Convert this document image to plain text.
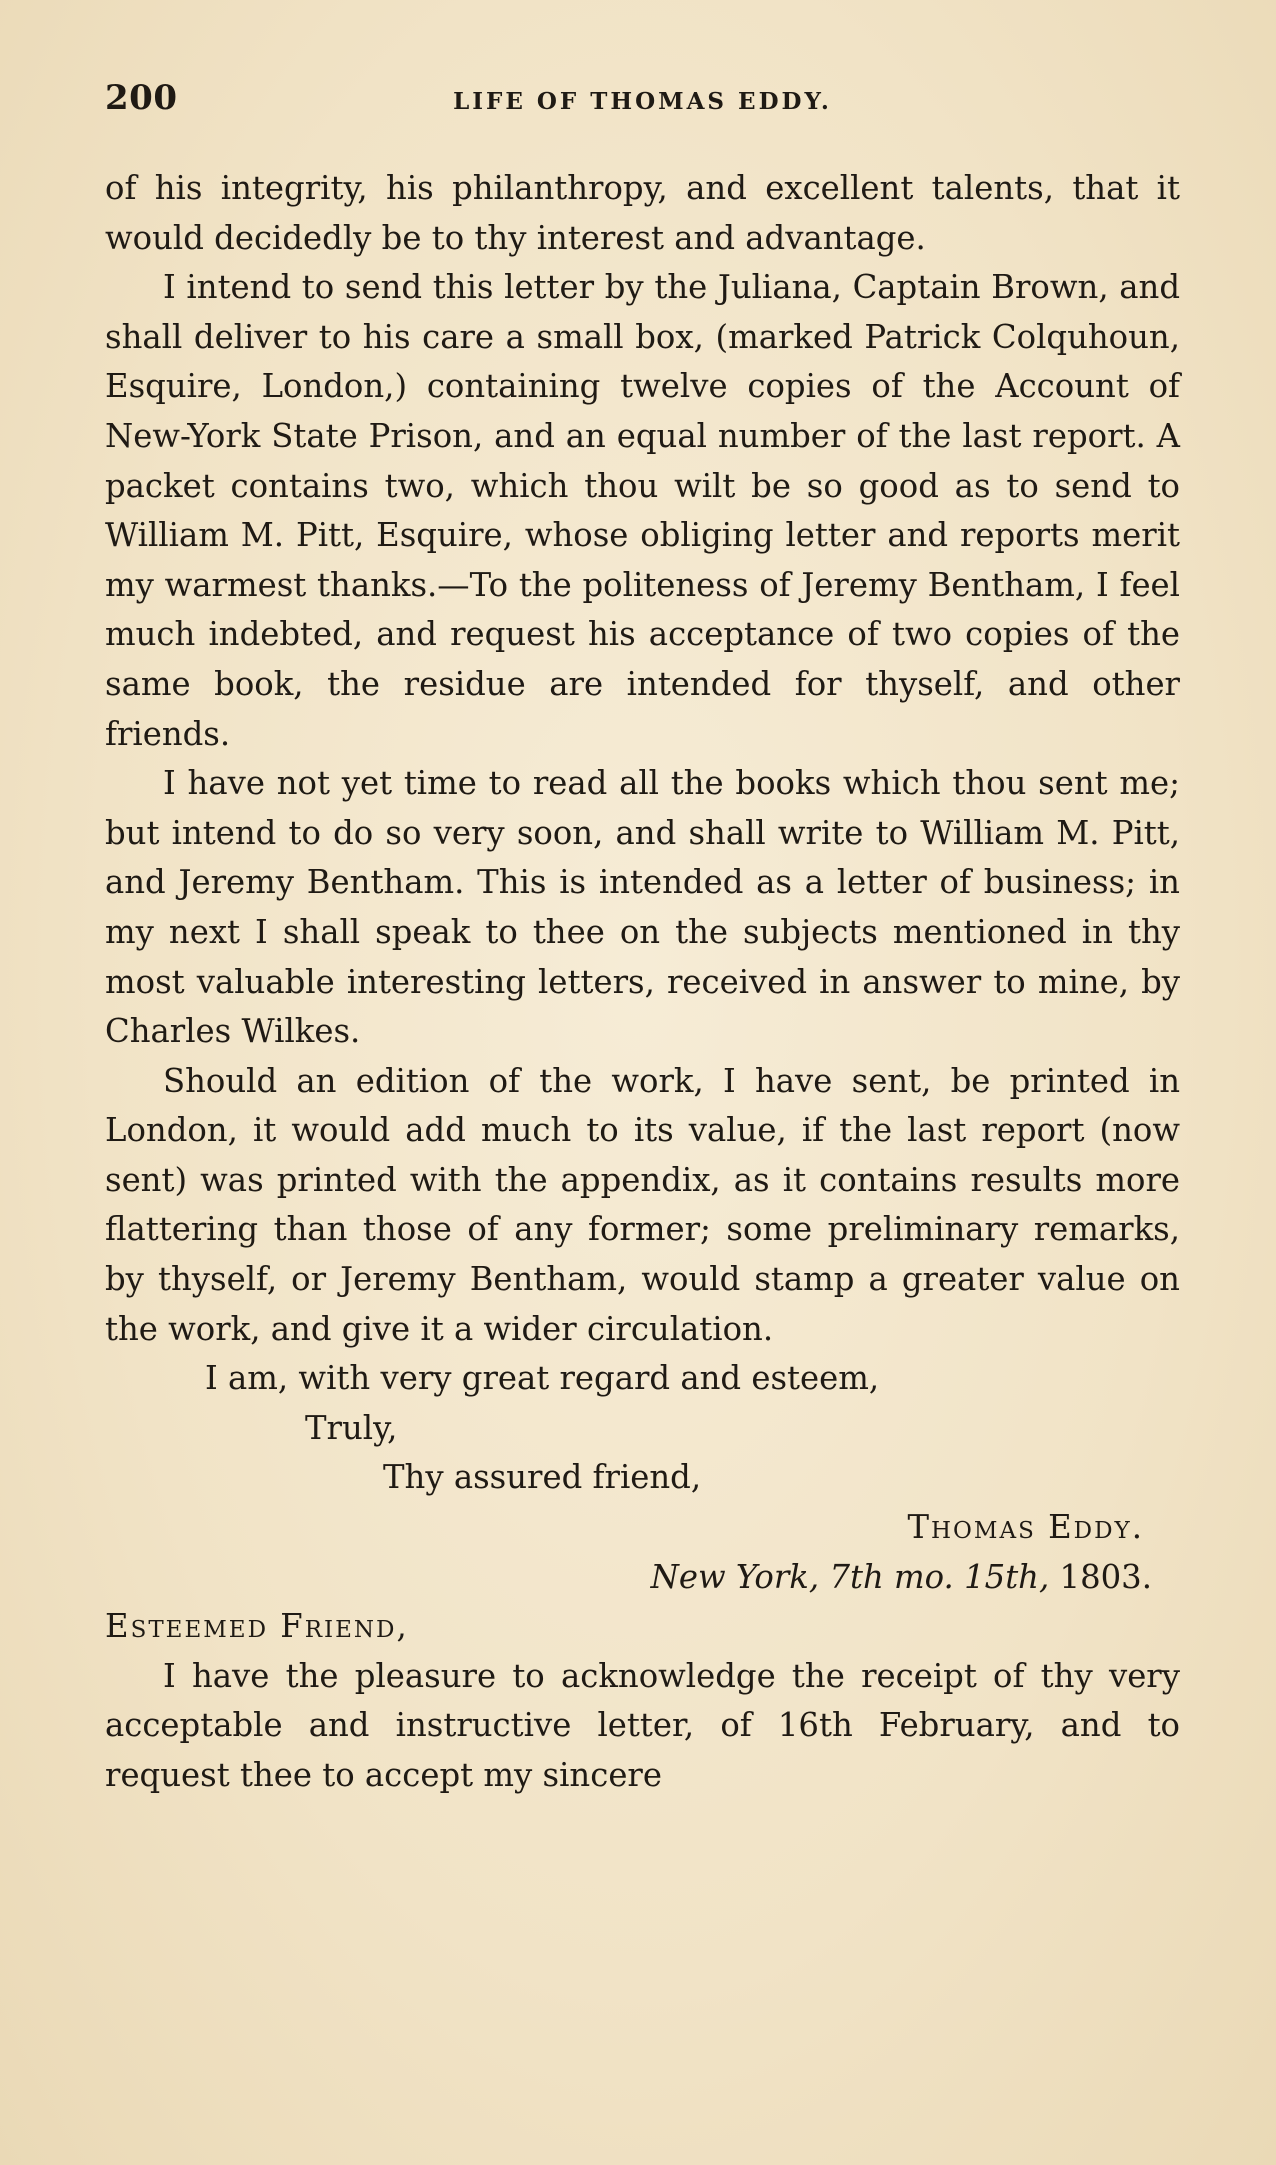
200	LIFE OF THOMAS EDDY.

of his integrity, his philanthropy, and excellent talents, that it would decidedly be to thy interest and advantage.

I intend to send this letter by the Juliana, Captain Brown, and shall deliver to his care a small box, (marked Patrick Colquhoun, Esquire, London,) containing twelve copies of the Account of New-York State Prison, and an equal number of the last report. A packet contains two, which thou wilt be so good as to send to William M. Pitt, Esquire, whose obliging letter and reports merit my warmest thanks.—To the politeness of Jeremy Bentham, I feel much indebted, and request his acceptance of two copies of the same book, the residue are intended for thyself, and other friends.

I have not yet time to read all the books which thou sent me; but intend to do so very soon, and shall write to William M. Pitt, and Jeremy Bentham. This is intended as a letter of business; in my next I shall speak to thee on the subjects mentioned in thy most valuable interesting letters, received in answer to mine, by Charles Wilkes.

Should an edition of the work, I have sent, be printed in London, it would add much to its value, if the last report (now sent) was printed with the appendix, as it contains results more flattering than those of any former; some preliminary remarks, by thyself, or Jeremy Bentham, would stamp a greater value on the work, and give it a wider circulation.

I am, with very great regard and esteem,

Truly,

Thy assured friend,

Thomas Eddy.

New York, 7th mo. 15th, 1803.

Esteemed Friend,

I have the pleasure to acknowledge the receipt of thy very acceptable and instructive letter, of 16th February, and to request thee to accept my sincere
